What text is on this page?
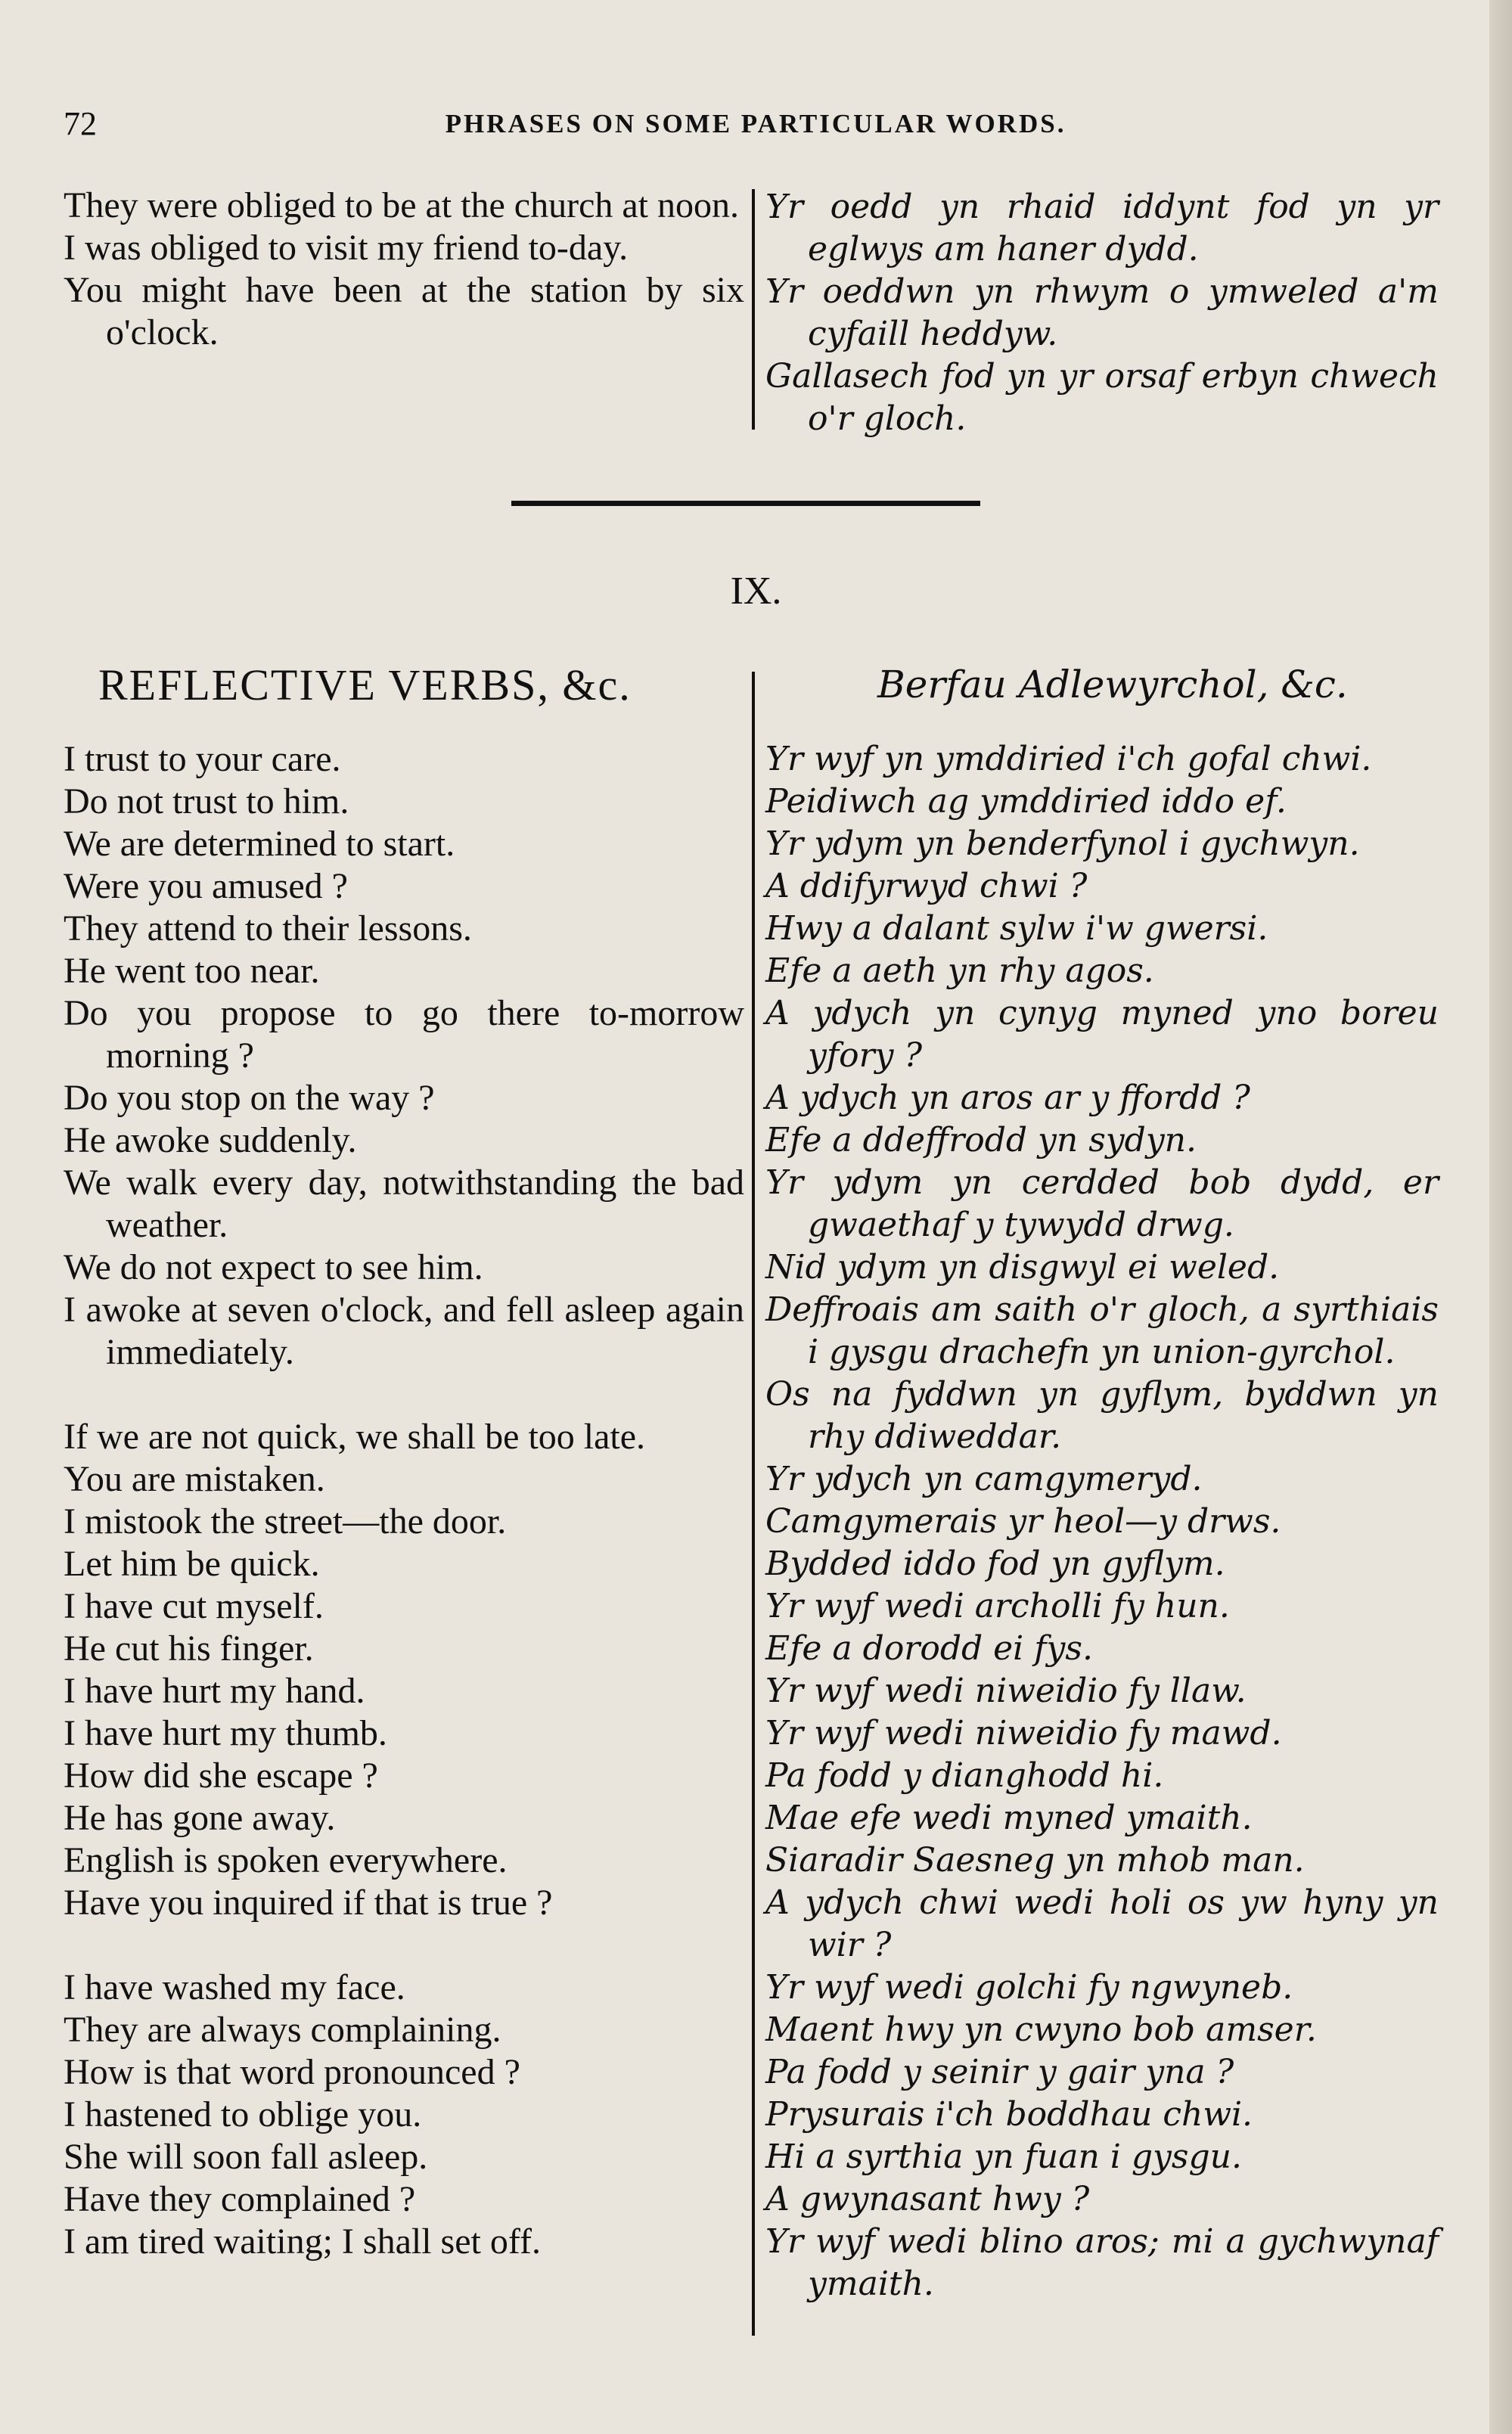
72	PHRASES ON SOME PARTICULAR WORDS.
They were obliged to be at the church at noon.
I was obliged to visit my friend to-day.
You might have been at the station by six o'clock.
Yr oedd yn rhaid iddynt fod yn yr eglwys am haner dydd.
Yr oeddwn yn rhwym o ymweled a'm cyfaill heddyw.
Gallasech fod yn yr orsaf erbyn chwech o'r gloch.
IX.
REFLECTIVE VERBS, &c.	Berfau Adlewyrchol, &c.
I trust to your care.
Do not trust to him.
We are determined to start.
Were you amused ?
They attend to their lessons.
He went too near.
Do you propose to go there to-morrow morning ?
Do you stop on the way ?
He awoke suddenly.
We walk every day, notwithstanding the bad weather.
We do not expect to see him.
I awoke at seven o'clock, and fell asleep again immediately.
If we are not quick, we shall be too late.
You are mistaken.
I mistook the street—the door.
Let him be quick.
I have cut myself.
He cut his finger.
I have hurt my hand.
I have hurt my thumb.
How did she escape ?
He has gone away.
English is spoken everywhere.
Have you inquired if that is true ?
I have washed my face.
They are always complaining.
How is that word pronounced ?
I hastened to oblige you.
She will soon fall asleep.
Have they complained ?
I am tired waiting; I shall set off.
Yr wyf yn ymddiried i'ch gofal chwi.
Peidiwch ag ymddiried iddo ef.
Yr ydym yn benderfynol i gychwyn.
A ddifyrwyd chwi ?
Hwy a dalant sylw i'w gwersi.
Efe a aeth yn rhy agos.
A ydych yn cynyg myned yno boreu yfory ?
A ydych yn aros ar y ffordd ?
Efe a ddeffrodd yn sydyn.
Yr ydym yn cerdded bob dydd, er gwaethaf y tywydd drwg.
Nid ydym yn disgwyl ei weled.
Deffroais am saith o'r gloch, a syrthiais i gysgu drachefn yn union-gyrchol.
Os na fyddwn yn gyflym, byddwn yn rhy ddiweddar.
Yr ydych yn camgymeryd.
Camgymerais yr heol—y drws.
Bydded iddo fod yn gyflym.
Yr wyf wedi archolli fy hun.
Efe a dorodd ei fys.
Yr wyf wedi niweidio fy llaw.
Yr wyf wedi niweidio fy mawd.
Pa fodd y dianghodd hi.
Mae efe wedi myned ymaith.
Siaradir Saesneg yn mhob man.
A ydych chwi wedi holi os yw hyny yn wir ?
Yr wyf wedi golchi fy ngwyneb.
Maent hwy yn cwyno bob amser.
Pa fodd y seinir y gair yna ?
Prysurais i'ch boddhau chwi.
Hi a syrthia yn fuan i gysgu.
A gwynasant hwy ?
Yr wyf wedi blino aros; mi a gychwynaf ymaith.
